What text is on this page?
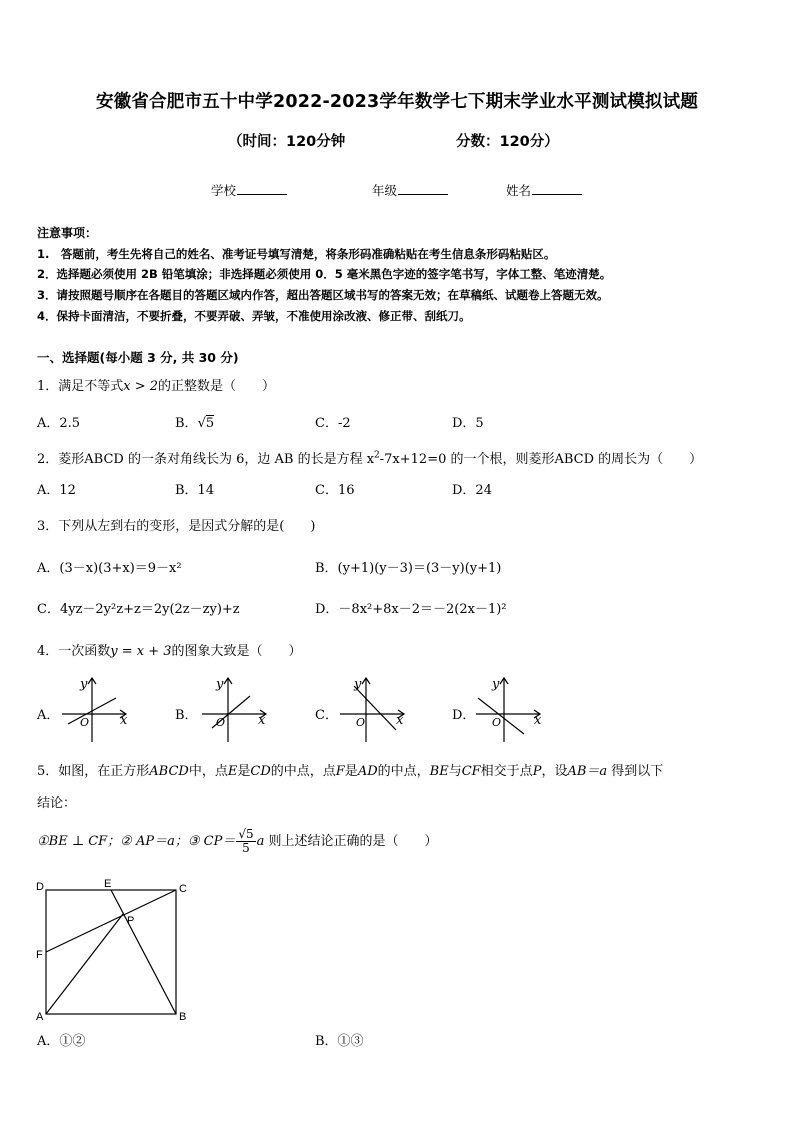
安徽省合肥市五十中学2022-2023学年数学七下期末学业水平测试模拟试题
（时间：120分钟	分数：120分）
学校	年级	姓名
注意事项：
1.　答题前，考生先将自己的姓名、准考证号填写清楚，将条形码准确粘贴在考生信息条形码粘贴区。
2．选择题必须使用 2B 铅笔填涂；非选择题必须使用 0．5 毫米黑色字迹的签字笔书写，字体工整、笔迹清楚。
3．请按照题号顺序在各题目的答题区域内作答，超出答题区域书写的答案无效；在草稿纸、试题卷上答题无效。
4．保持卡面清洁，不要折叠，不要弄破、弄皱，不准使用涂改液、修正带、刮纸刀。
一、选择题(每小题 3 分, 共 30 分)
1．满足不等式x > 2的正整数是（　　）
A．2.5	B．√5	C．-2	D．5
2．菱形ABCD 的一条对角线长为 6，边 AB 的长是方程 $x^2-7x+12=0$ 的一个根，则菱形ABCD 的周长为（　　）
A．12	B．14	C．16	D．24
3．下列从左到右的变形，是因式分解的是(　　)
A．(3－x)(3+x)＝9－x²	B．(y+1)(y－3)＝(3－y)(y+1)
C．4yz－2y²z+z＝2y(2z－zy)+z	D．－8x²+8x－2＝－2(2x－1)²
4．一次函数y = x + 3的图象大致是（　　）
A．	B．	C．	D．
x
y
O	x
y
O	x
y
O	x
y
O
5．如图，在正方形ABCD中，点E是CD的中点，点F是AD的中点，BE与CF相交于点P，设AB＝a 得到以下
结论：
①BE ⊥ CF；② AP＝a；③ $CP= \frac{√5}{5}$ a 则上述结论正确的是（　　）
D	E	C
P
F
A	B
A．①②	B．①③
